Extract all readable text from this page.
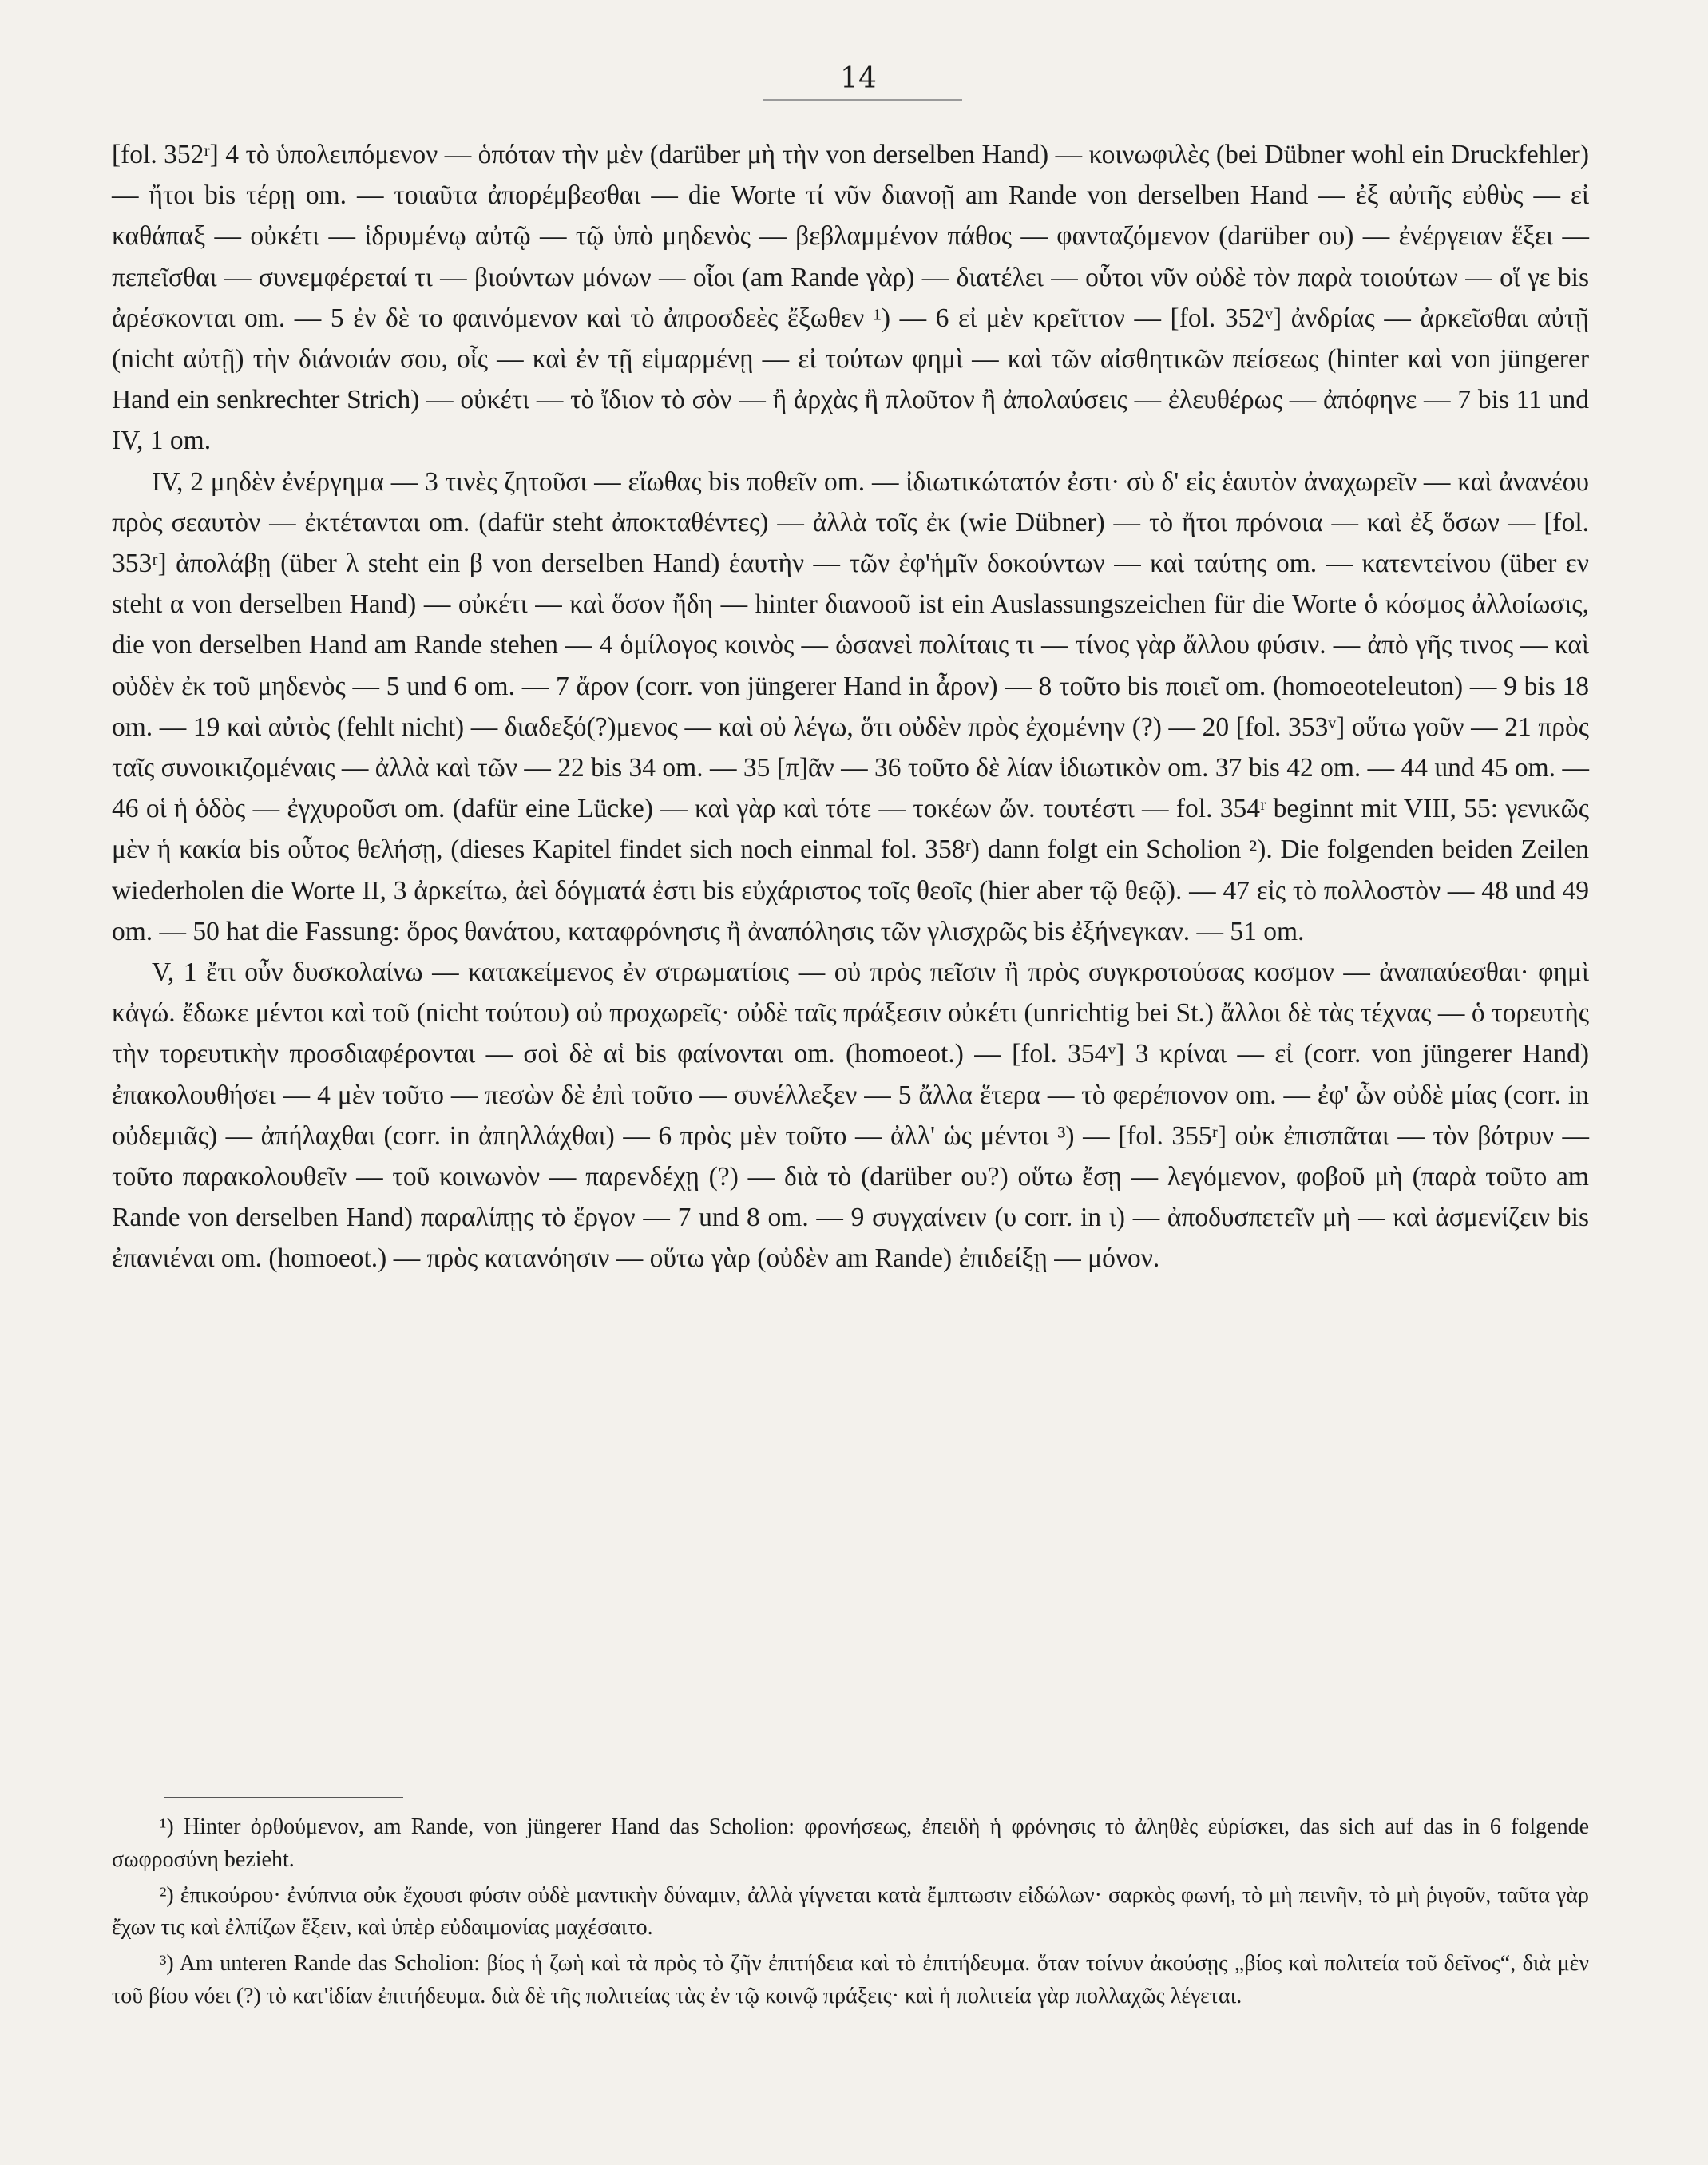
14

[fol. 352ʳ] 4 τὸ ὑπολειπόμενον — ὁπόταν τὴν μὲν (darüber μὴ τὴν von derselben Hand) — κοινωφιλὲς (bei Dübner wohl ein Druckfehler) — ἤτοι bis τέρῃ om. — τοιαῦτα ἀπορέμβεσθαι — die Worte τί νῦν διανοῇ am Rande von derselben Hand — ἐξ αὐτῆς εὐθὺς — εἰ καθάπαξ — οὐκέτι — ἱδρυμένῳ αὐτῷ — τῷ ὑπὸ μηδενὸς — βεβλαμμένον πάθος — φανταζόμενον (darüber ου) — ἐνέργειαν ἕξει — πεπεῖσθαι — συνεμφέρεταί τι — βιούντων μόνων — οἷοι (am Rande γὰρ) — διατέλει — οὗτοι νῦν οὐδὲ τὸν παρὰ τοιούτων — οἵ γε bis ἀρέσκονται om. — 5 ἐν δὲ το φαινόμενον καὶ τὸ ἀπροσδεὲς ἔξωθεν ¹) — 6 εἰ μὲν κρεῖττον — [fol. 352ᵛ] ἀνδρίας — ἀρκεῖσθαι αὐτῇ (nicht αὐτῇ) τὴν διάνοιάν σου, οἷς — καὶ ἐν τῇ εἱμαρμένῃ — εἰ τούτων φημὶ — καὶ τῶν αἰσθητικῶν πείσεως (hinter καὶ von jüngerer Hand ein senkrechter Strich) — οὐκέτι — τὸ ἴδιον τὸ σὸν — ἢ ἀρχὰς ἢ πλοῦτον ἢ ἀπολαύσεις — ἐλευθέρως — ἀπόφηνε — 7 bis 11 und IV, 1 om.

IV, 2 μηδὲν ἐνέργημα — 3 τινὲς ζητοῦσι — εἴωθας bis ποθεῖν om. — ἰδιωτικώτατόν ἐστι· σὺ δ' εἰς ἑαυτὸν ἀναχωρεῖν — καὶ ἀνανέου πρὸς σεαυτὸν — ἐκτέτανται om. (dafür steht ἀποκταθέντες) — ἀλλὰ τοῖς ἐκ (wie Dübner) — τὸ ἤτοι πρόνοια — καὶ ἐξ ὅσων — [fol. 353ʳ] ἀπολάβῃ (über λ steht ein β von derselben Hand) ἑαυτὴν — τῶν ἐφ'ἡμῖν δοκούντων — καὶ ταύτης om. — κατεντείνου (über εν steht α von derselben Hand) — οὐκέτι — καὶ ὅσον ἤδη — hinter διανοοῦ ist ein Auslassungszeichen für die Worte ὁ κόσμος ἀλλοίωσις, die von derselben Hand am Rande stehen — 4 ὁμίλογος κοινὸς — ὡσανεὶ πολίταις τι — τίνος γὰρ ἄλλου φύσιν. — ἀπὸ γῆς τινος — καὶ οὐδὲν ἐκ τοῦ μηδενὸς — 5 und 6 om. — 7 ἄρον (corr. von jüngerer Hand in ἆρον) — 8 τοῦτο bis ποιεῖ om. (homoeoteleuton) — 9 bis 18 om. — 19 καὶ αὐτὸς (fehlt nicht) — διαδεξό(?)μενος — καὶ οὐ λέγω, ὅτι οὐδὲν πρὸς ἐχομένην (?) — 20 [fol. 353ᵛ] οὕτω γοῦν — 21 πρὸς ταῖς συνοικιζομέναις — ἀλλὰ καὶ τῶν — 22 bis 34 om. — 35 [π]ᾶν — 36 τοῦτο δὲ λίαν ἰδιωτικὸν om. 37 bis 42 om. — 44 und 45 om. — 46 οἱ ἡ ὁδὸς — ἐγχυροῦσι om. (dafür eine Lücke) — καὶ γὰρ καὶ τότε — τοκέων ὤν. τουτέστι — fol. 354ʳ beginnt mit VIII, 55: γενικῶς μὲν ἡ κακία bis οὗτος θελήσῃ, (dieses Kapitel findet sich noch einmal fol. 358ʳ) dann folgt ein Scholion ²). Die folgenden beiden Zeilen wiederholen die Worte II, 3 ἀρκείτω, ἀεὶ δόγματά ἐστι bis εὐχάριστος τοῖς θεοῖς (hier aber τῷ θεῷ). — 47 εἰς τὸ πολλοστὸν — 48 und 49 om. — 50 hat die Fassung: ὅρος θανάτου, καταφρόνησις ἢ ἀναπόλησις τῶν γλισχρῶς bis ἐξήνεγκαν. — 51 om.

V, 1 ἔτι οὖν δυσκολαίνω — κατακείμενος ἐν στρωματίοις — οὐ πρὸς πεῖσιν ἢ πρὸς συγκροτούσας κοσμον — ἀναπαύεσθαι· φημὶ κἀγώ. ἔδωκε μέντοι καὶ τοῦ (nicht τούτου) οὐ προχωρεῖς· οὐδὲ ταῖς πράξεσιν οὐκέτι (unrichtig bei St.) ἄλλοι δὲ τὰς τέχνας — ὁ τορευτὴς τὴν τορευτικὴν προσδιαφέρονται — σοὶ δὲ αἱ bis φαίνονται om. (homoeot.) — [fol. 354ᵛ] 3 κρίναι — εἰ (corr. von jüngerer Hand) ἐπακολουθήσει — 4 μὲν τοῦτο — πεσὼν δὲ ἐπὶ τοῦτο — συνέλλεξεν — 5 ἄλλα ἕτερα — τὸ φερέπονον om. — ἐφ' ὧν οὐδὲ μίας (corr. in οὐδεμιᾶς) — ἀπήλαχθαι (corr. in ἀπηλλάχθαι) — 6 πρὸς μὲν τοῦτο — ἀλλ' ὡς μέντοι ³) — [fol. 355ʳ] οὐκ ἐπισπᾶται — τὸν βότρυν — τοῦτο παρακολουθεῖν — τοῦ κοινωνὸν — παρενδέχῃ (?) — διὰ τὸ (darüber ου?) οὕτω ἔσῃ — λεγόμενον, φοβοῦ μὴ (παρὰ τοῦτο am Rande von derselben Hand) παραλίπῃς τὸ ἔργον — 7 und 8 om. — 9 συγχαίνειν (υ corr. in ι) — ἀποδυσπετεῖν μὴ — καὶ ἀσμενίζειν bis ἐπανιέναι om. (homoeot.) — πρὸς κατανόησιν — οὕτω γὰρ (οὐδὲν am Rande) ἐπιδείξῃ — μόνον.

¹) Hinter ὀρθούμενον, am Rande, von jüngerer Hand das Scholion: φρονήσεως, ἐπειδὴ ἡ φρόνησις τὸ ἀληθὲς εὑρίσκει, das sich auf das in 6 folgende σωφροσύνη bezieht.

²) ἐπικούρου· ἐνύπνια οὐκ ἔχουσι φύσιν οὐδὲ μαντικὴν δύναμιν, ἀλλὰ γίγνεται κατὰ ἔμπτωσιν εἰδώλων· σαρκὸς φωνή, τὸ μὴ πεινῆν, τὸ μὴ ῥιγοῦν, ταῦτα γὰρ ἔχων τις καὶ ἐλπίζων ἕξειν, καὶ ὑπὲρ εὐδαιμονίας μαχέσαιτο.

³) Am unteren Rande das Scholion: βίος ἡ ζωὴ καὶ τὰ πρὸς τὸ ζῆν ἐπιτήδεια καὶ τὸ ἐπιτήδευμα. ὅταν τοίνυν ἀκούσῃς „βίος καὶ πολιτεία τοῦ δεῖνος“, διὰ μὲν τοῦ βίου νόει (?) τὸ κατ'ἰδίαν ἐπιτήδευμα. διὰ δὲ τῆς πολιτείας τὰς ἐν τῷ κοινῷ πράξεις· καὶ ἡ πολιτεία γὰρ πολλαχῶς λέγεται.
